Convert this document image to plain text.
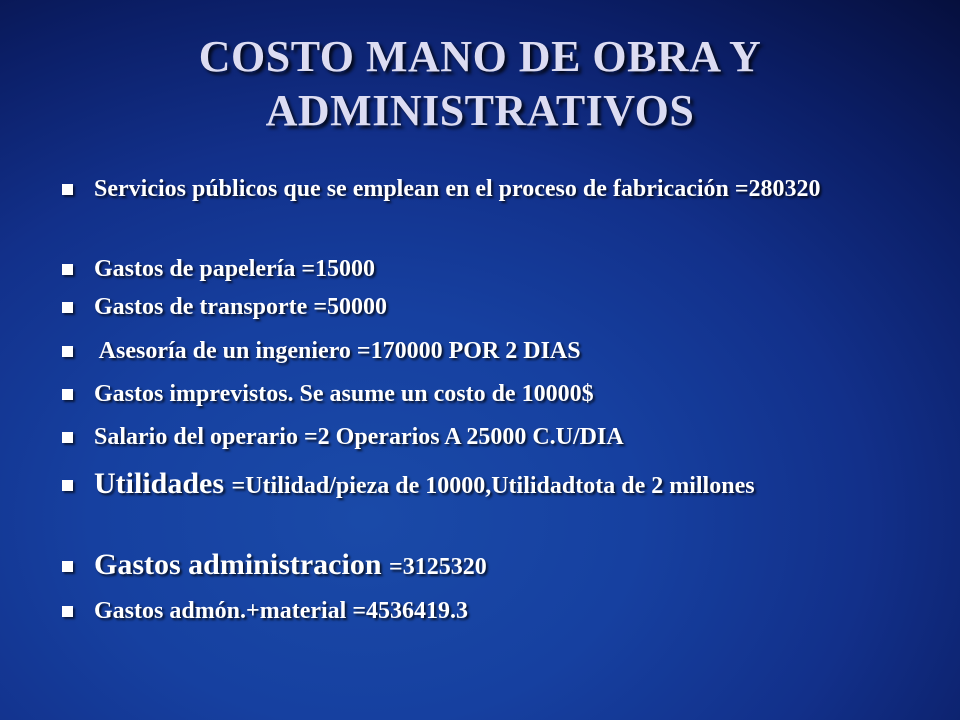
COSTO MANO DE OBRA Y ADMINISTRATIVOS
Servicios públicos que se emplean en el proceso de fabricación =280320
Gastos de papelería =15000
Gastos de transporte =50000
Asesoría de un ingeniero =170000 POR 2 DIAS
Gastos imprevistos. Se asume un costo de 10000$
Salario del operario =2 Operarios A 25000 C.U/DIA
Utilidades =Utilidad/pieza de 10000,Utilidadtota de 2 millones
Gastos administracion =3125320
Gastos admón.+material =4536419.3
